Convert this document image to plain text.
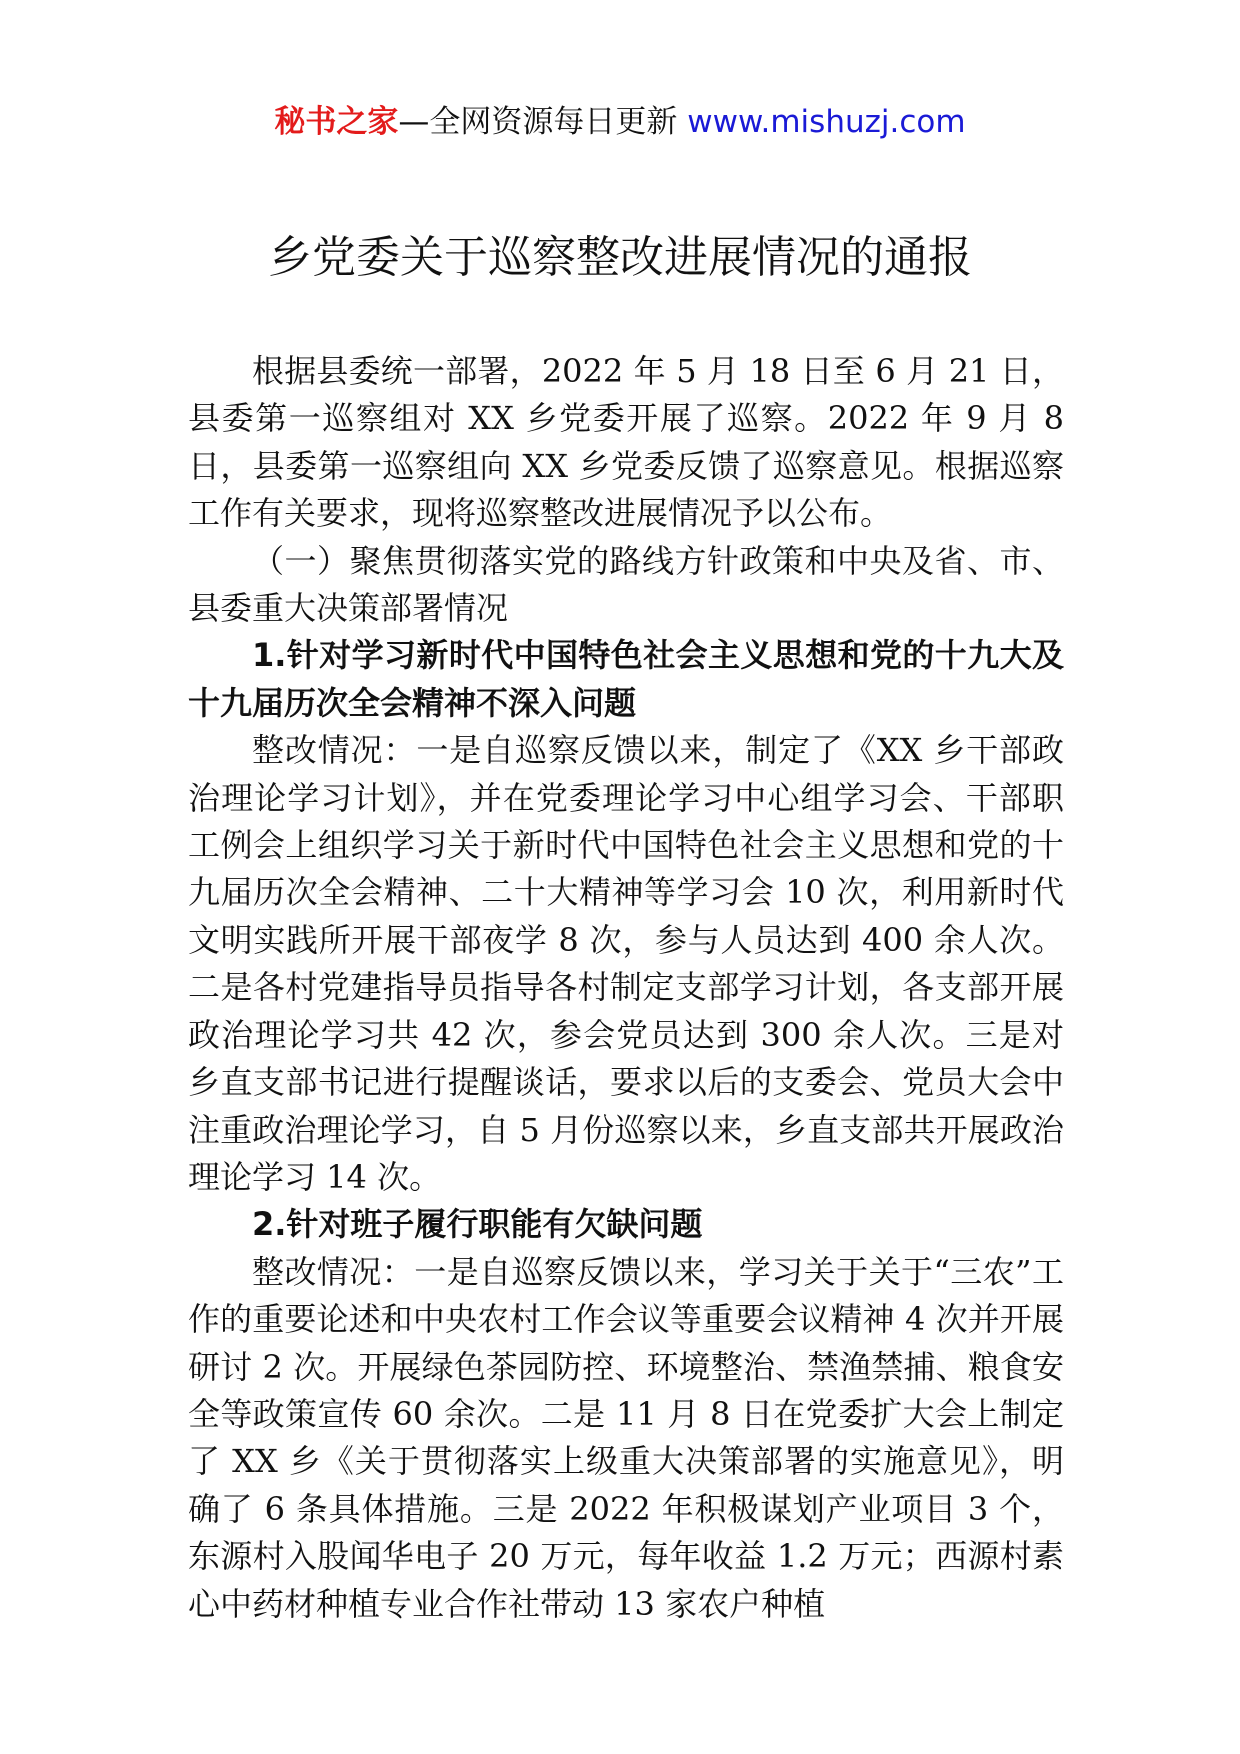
秘书之家—全网资源每日更新 www.mishuzj.com
乡党委关于巡察整改进展情况的通报

根据县委统一部署，2022 年 5 月 18 日至 6 月 21 日，县委第一巡察组对 XX 乡党委开展了巡察。2022 年 9 月 8 日，县委第一巡察组向 XX 乡党委反馈了巡察意见。根据巡察工作有关要求，现将巡察整改进展情况予以公布。

（一）聚焦贯彻落实党的路线方针政策和中央及省、市、县委重大决策部署情况

1.针对学习新时代中国特色社会主义思想和党的十九大及十九届历次全会精神不深入问题

整改情况：一是自巡察反馈以来，制定了《XX 乡干部政治理论学习计划》，并在党委理论学习中心组学习会、干部职工例会上组织学习关于新时代中国特色社会主义思想和党的十九届历次全会精神、二十大精神等学习会 10 次，利用新时代文明实践所开展干部夜学 8 次，参与人员达到 400 余人次。二是各村党建指导员指导各村制定支部学习计划，各支部开展政治理论学习共 42 次，参会党员达到 300 余人次。三是对乡直支部书记进行提醒谈话，要求以后的支委会、党员大会中注重政治理论学习，自 5 月份巡察以来，乡直支部共开展政治理论学习 14 次。

2.针对班子履行职能有欠缺问题

整改情况：一是自巡察反馈以来，学习关于关于“三农”工作的重要论述和中央农村工作会议等重要会议精神 4 次并开展研讨 2 次。开展绿色茶园防控、环境整治、禁渔禁捕、粮食安全等政策宣传 60 余次。二是 11 月 8 日在党委扩大会上制定了 XX 乡《关于贯彻落实上级重大决策部署的实施意见》，明确了 6 条具体措施。三是 2022 年积极谋划产业项目 3 个，东源村入股闻华电子 20 万元，每年收益 1.2 万元；西源村素心中药材种植专业合作社带动 13 家农户种植
